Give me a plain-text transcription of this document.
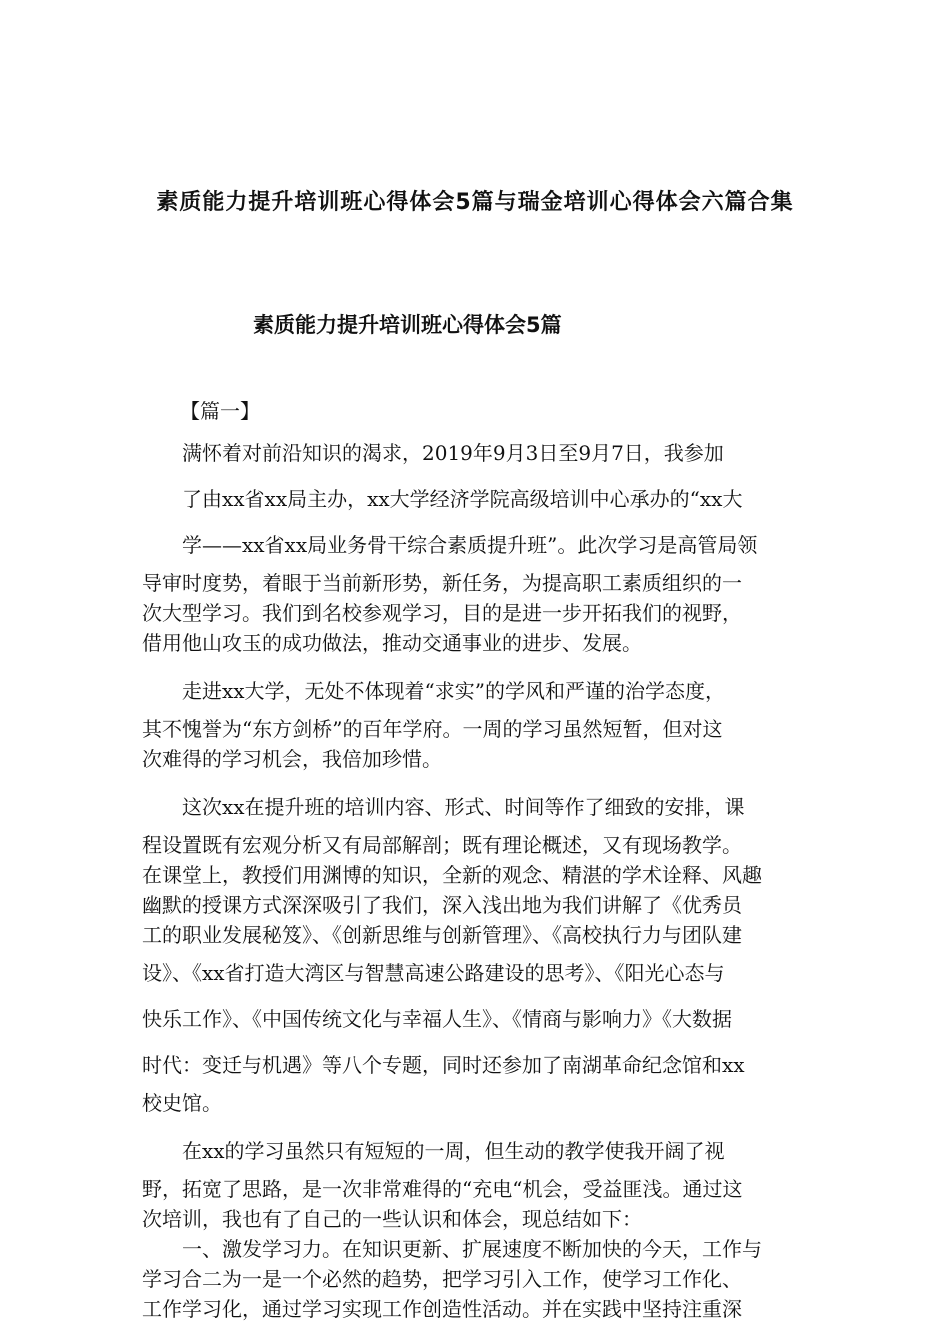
素质能力提升培训班心得体会5篇与瑞金培训心得体会六篇合集
素质能力提升培训班心得体会5篇
【篇一】

满怀着对前沿知识的渴求，2019年9月3日至9月7日，我参加
了由xx省xx局主办，xx大学经济学院高级培训中心承办的“xx大
学——xx省xx局业务骨干综合素质提升班”。此次学习是高管局领
导审时度势，着眼于当前新形势，新任务，为提高职工素质组织的一
次大型学习。我们到名校参观学习，目的是进一步开拓我们的视野，
借用他山攻玉的成功做法，推动交通事业的进步、发展。

走进xx大学，无处不体现着“求实”的学风和严谨的治学态度，
其不愧誉为“东方剑桥”的百年学府。一周的学习虽然短暂，但对这
次难得的学习机会，我倍加珍惜。

这次xx在提升班的培训内容、形式、时间等作了细致的安排，课
程设置既有宏观分析又有局部解剖；既有理论概述，又有现场教学。
在课堂上，教授们用渊博的知识，全新的观念、精湛的学术诠释、风趣
幽默的授课方式深深吸引了我们，深入浅出地为我们讲解了《优秀员
工的职业发展秘笈》、《创新思维与创新管理》、《高校执行力与团队建
设》、《xx省打造大湾区与智慧高速公路建设的思考》、《阳光心态与
快乐工作》、《中国传统文化与幸福人生》、《情商与影响力》《大数据
时代：变迁与机遇》等八个专题，同时还参加了南湖革命纪念馆和xx
校史馆。

在xx的学习虽然只有短短的一周，但生动的教学使我开阔了视
野，拓宽了思路，是一次非常难得的“充电“机会，受益匪浅。通过这
次培训，我也有了自己的一些认识和体会，现总结如下：
一、激发学习力。在知识更新、扩展速度不断加快的今天，工作与
学习合二为一是一个必然的趋势，把学习引入工作，使学习工作化、
工作学习化，通过学习实现工作创造性活动。并在实践中坚持注重深
